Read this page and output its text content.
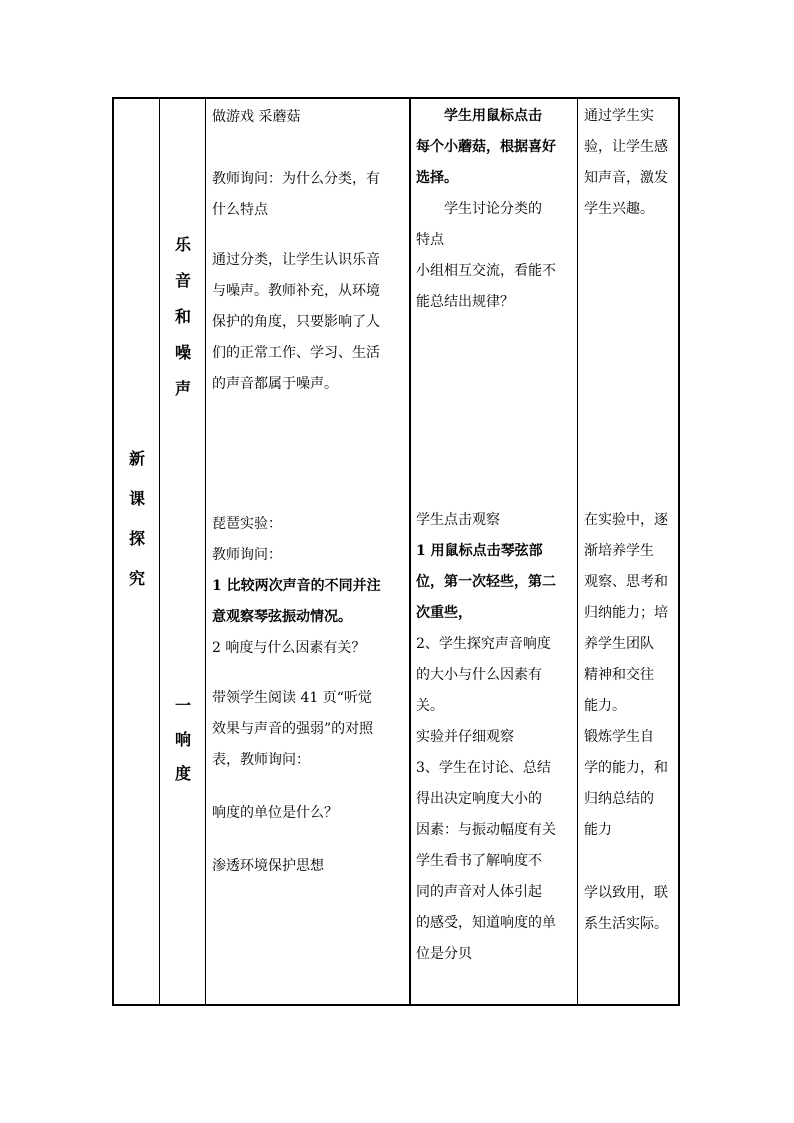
新
课
探
究
乐
音
和
噪
声
一
响
度

做游戏 采蘑菇

教师询问：为什么分类，有

什么特点

通过分类，让学生认识乐音

与噪声。教师补充，从环境

保护的角度，只要影响了人

们的正常工作、学习、生活

的声音都属于噪声。

琵琶实验：

教师询问：

1 比较两次声音的不同并注

意观察琴弦振动情况。

2 响度与什么因素有关？

带领学生阅读 41 页“听觉

效果与声音的强弱”的对照

表，教师询问：

响度的单位是什么？

渗透环境保护思想

学生用鼠标点击

每个小蘑菇，根据喜好

选择。

学生讨论分类的

特点

小组相互交流，看能不

能总结出规律？

学生点击观察

1 用鼠标点击琴弦部

位，第一次轻些，第二

次重些，

2、学生探究声音响度

的大小与什么因素有

关。

实验并仔细观察

3、学生在讨论、总结

得出决定响度大小的

因素：与振动幅度有关

学生看书了解响度不

同的声音对人体引起

的感受，知道响度的单

位是分贝

通过学生实

验，让学生感

知声音，激发

学生兴趣。

在实验中，逐

渐培养学生

观察、思考和

归纳能力；培

养学生团队

精神和交往

能力。

锻炼学生自

学的能力，和

归纳总结的

能力

学以致用，联

系生活实际。
